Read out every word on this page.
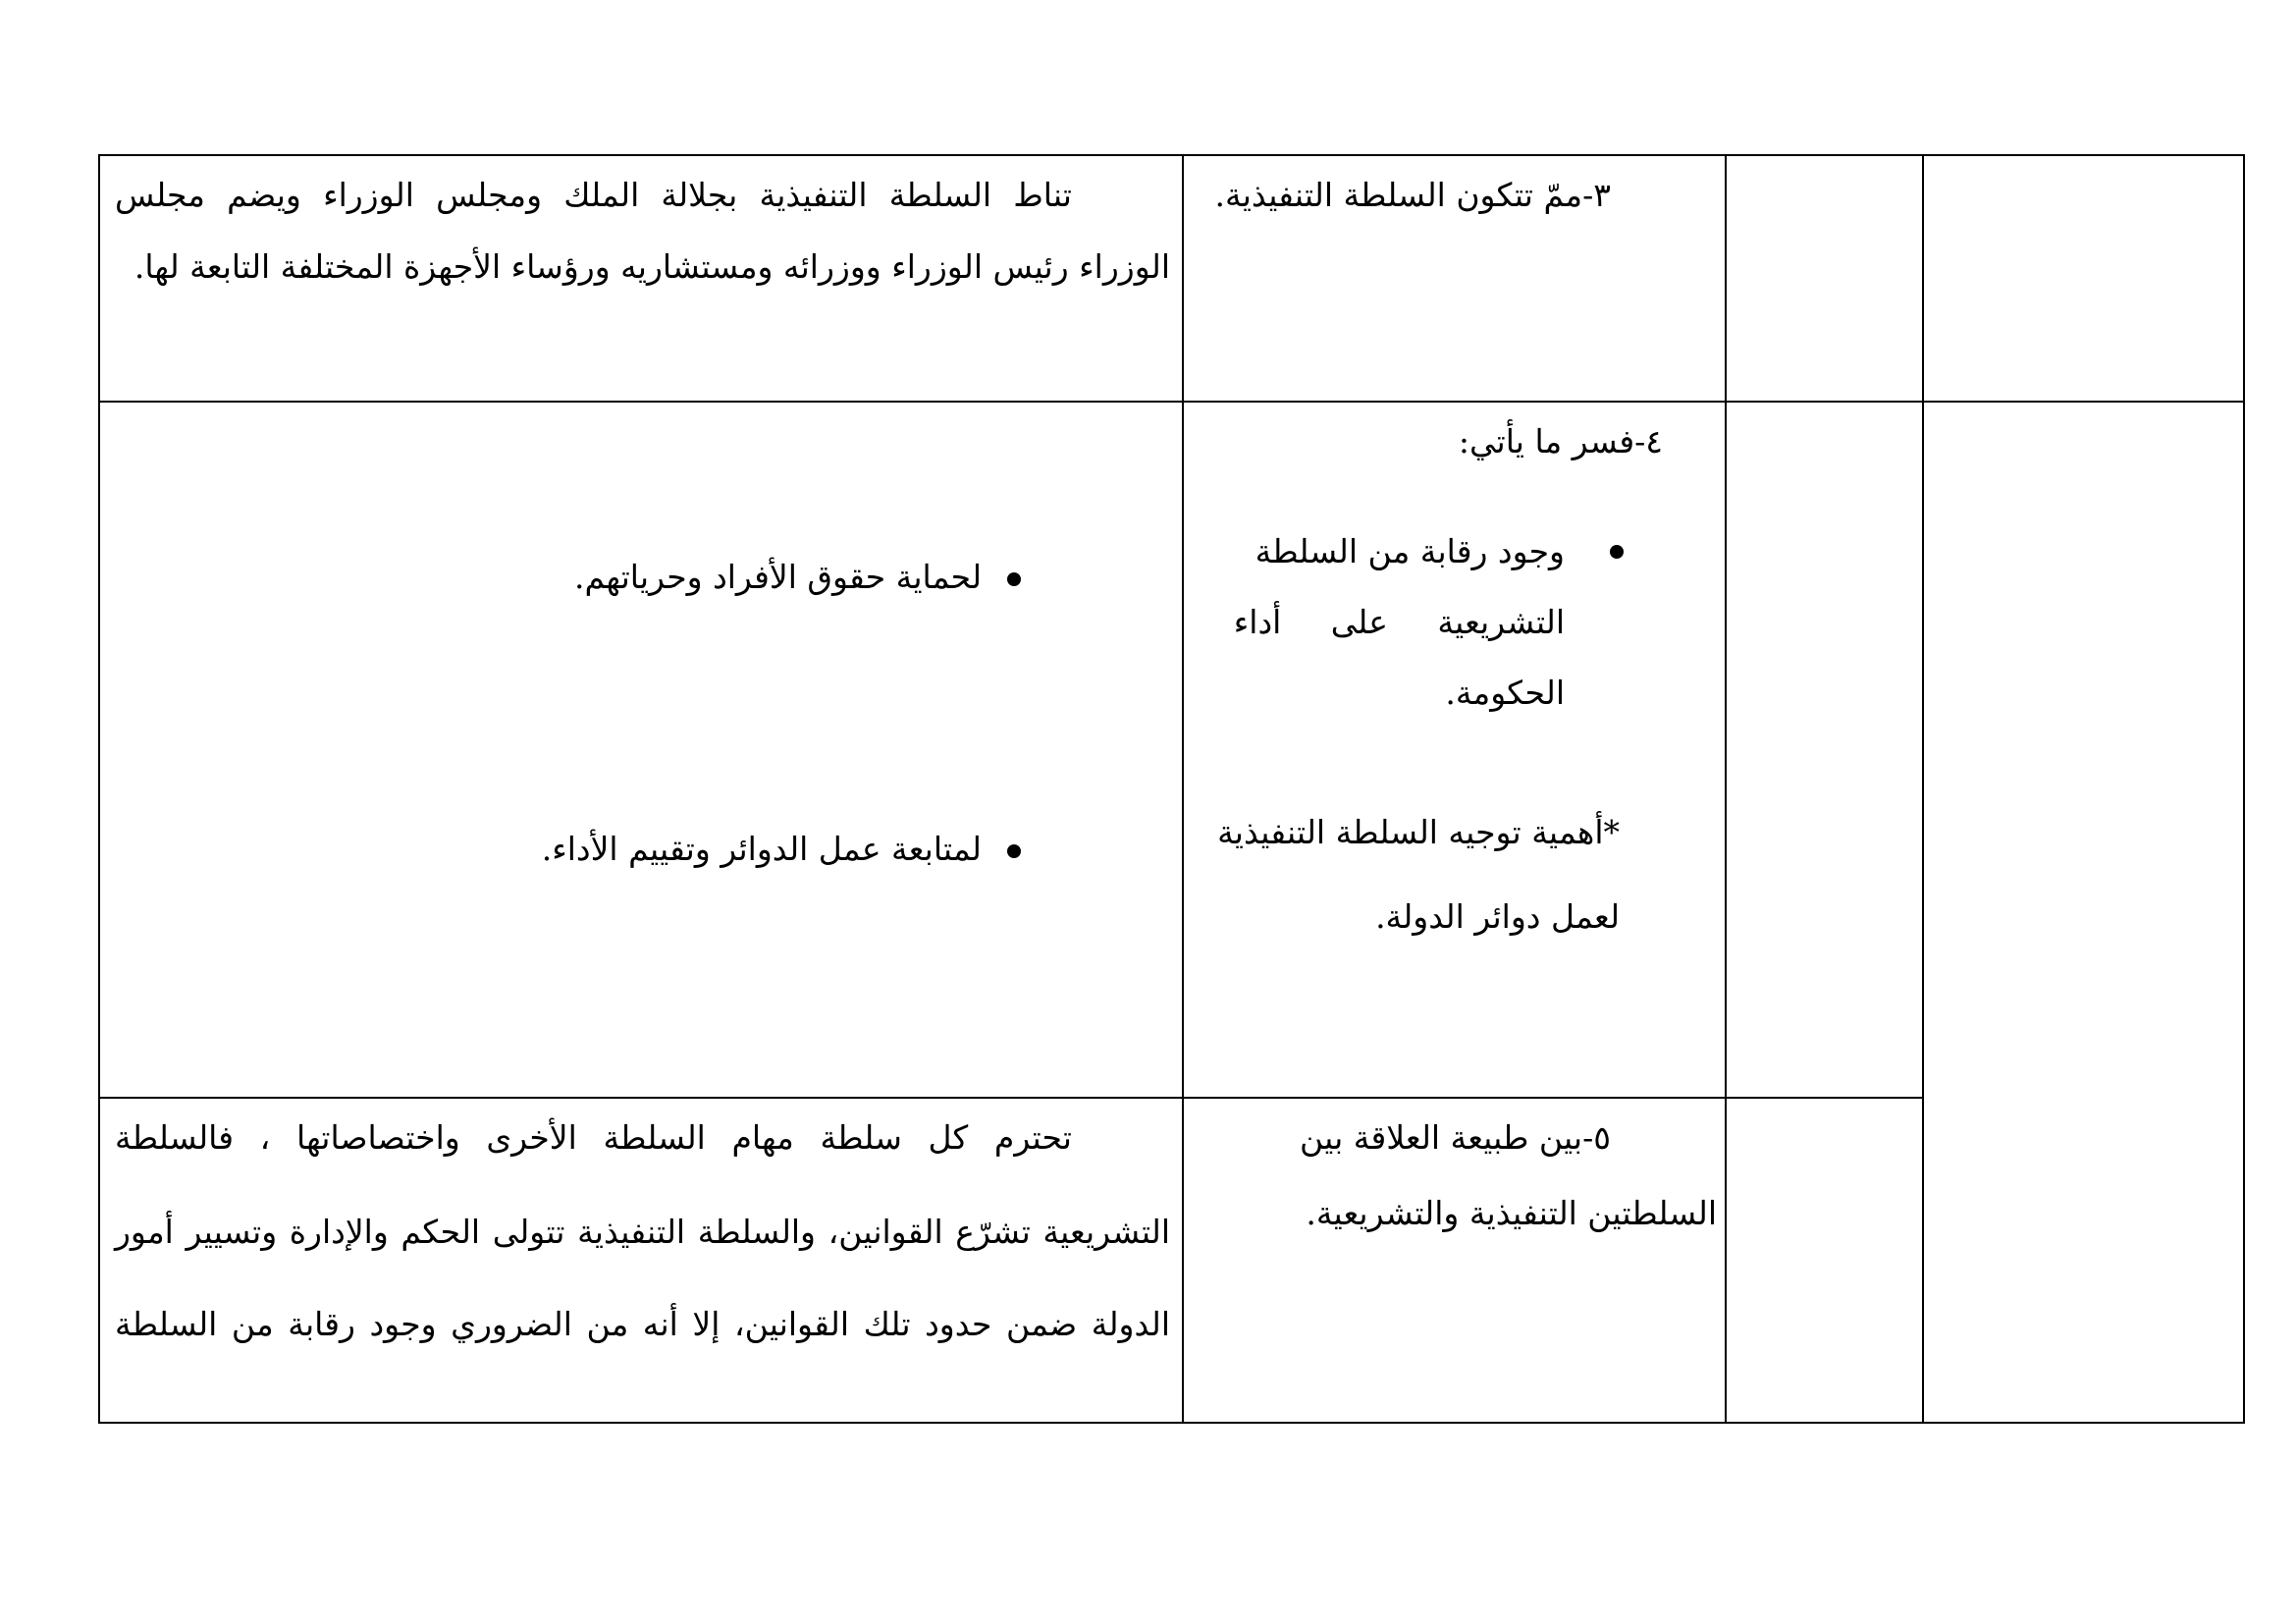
٣-ممّ تتكون السلطة التنفيذية.
تناط السلطة التنفيذية بجلالة الملك ومجلس الوزراء ويضم مجلس
الوزراء رئيس الوزراء ووزرائه ومستشاريه ورؤساء الأجهزة المختلفة التابعة لها.
٤-فسر ما يأتي:
وجود رقابة من السلطة
التشريعية على أداء
الحكومة.
*أهمية توجيه السلطة التنفيذية
لعمل دوائر الدولة.
لحماية حقوق الأفراد وحرياتهم.
لمتابعة عمل الدوائر وتقييم الأداء.
٥-بين طبيعة العلاقة بين
السلطتين التنفيذية والتشريعية.
تحترم كل سلطة مهام السلطة الأخرى واختصاصاتها ، فالسلطة
التشريعية تشرّع القوانين، والسلطة التنفيذية تتولى الحكم والإدارة وتسيير أمور
الدولة ضمن حدود تلك القوانين، إلا أنه من الضروري وجود رقابة من السلطة
